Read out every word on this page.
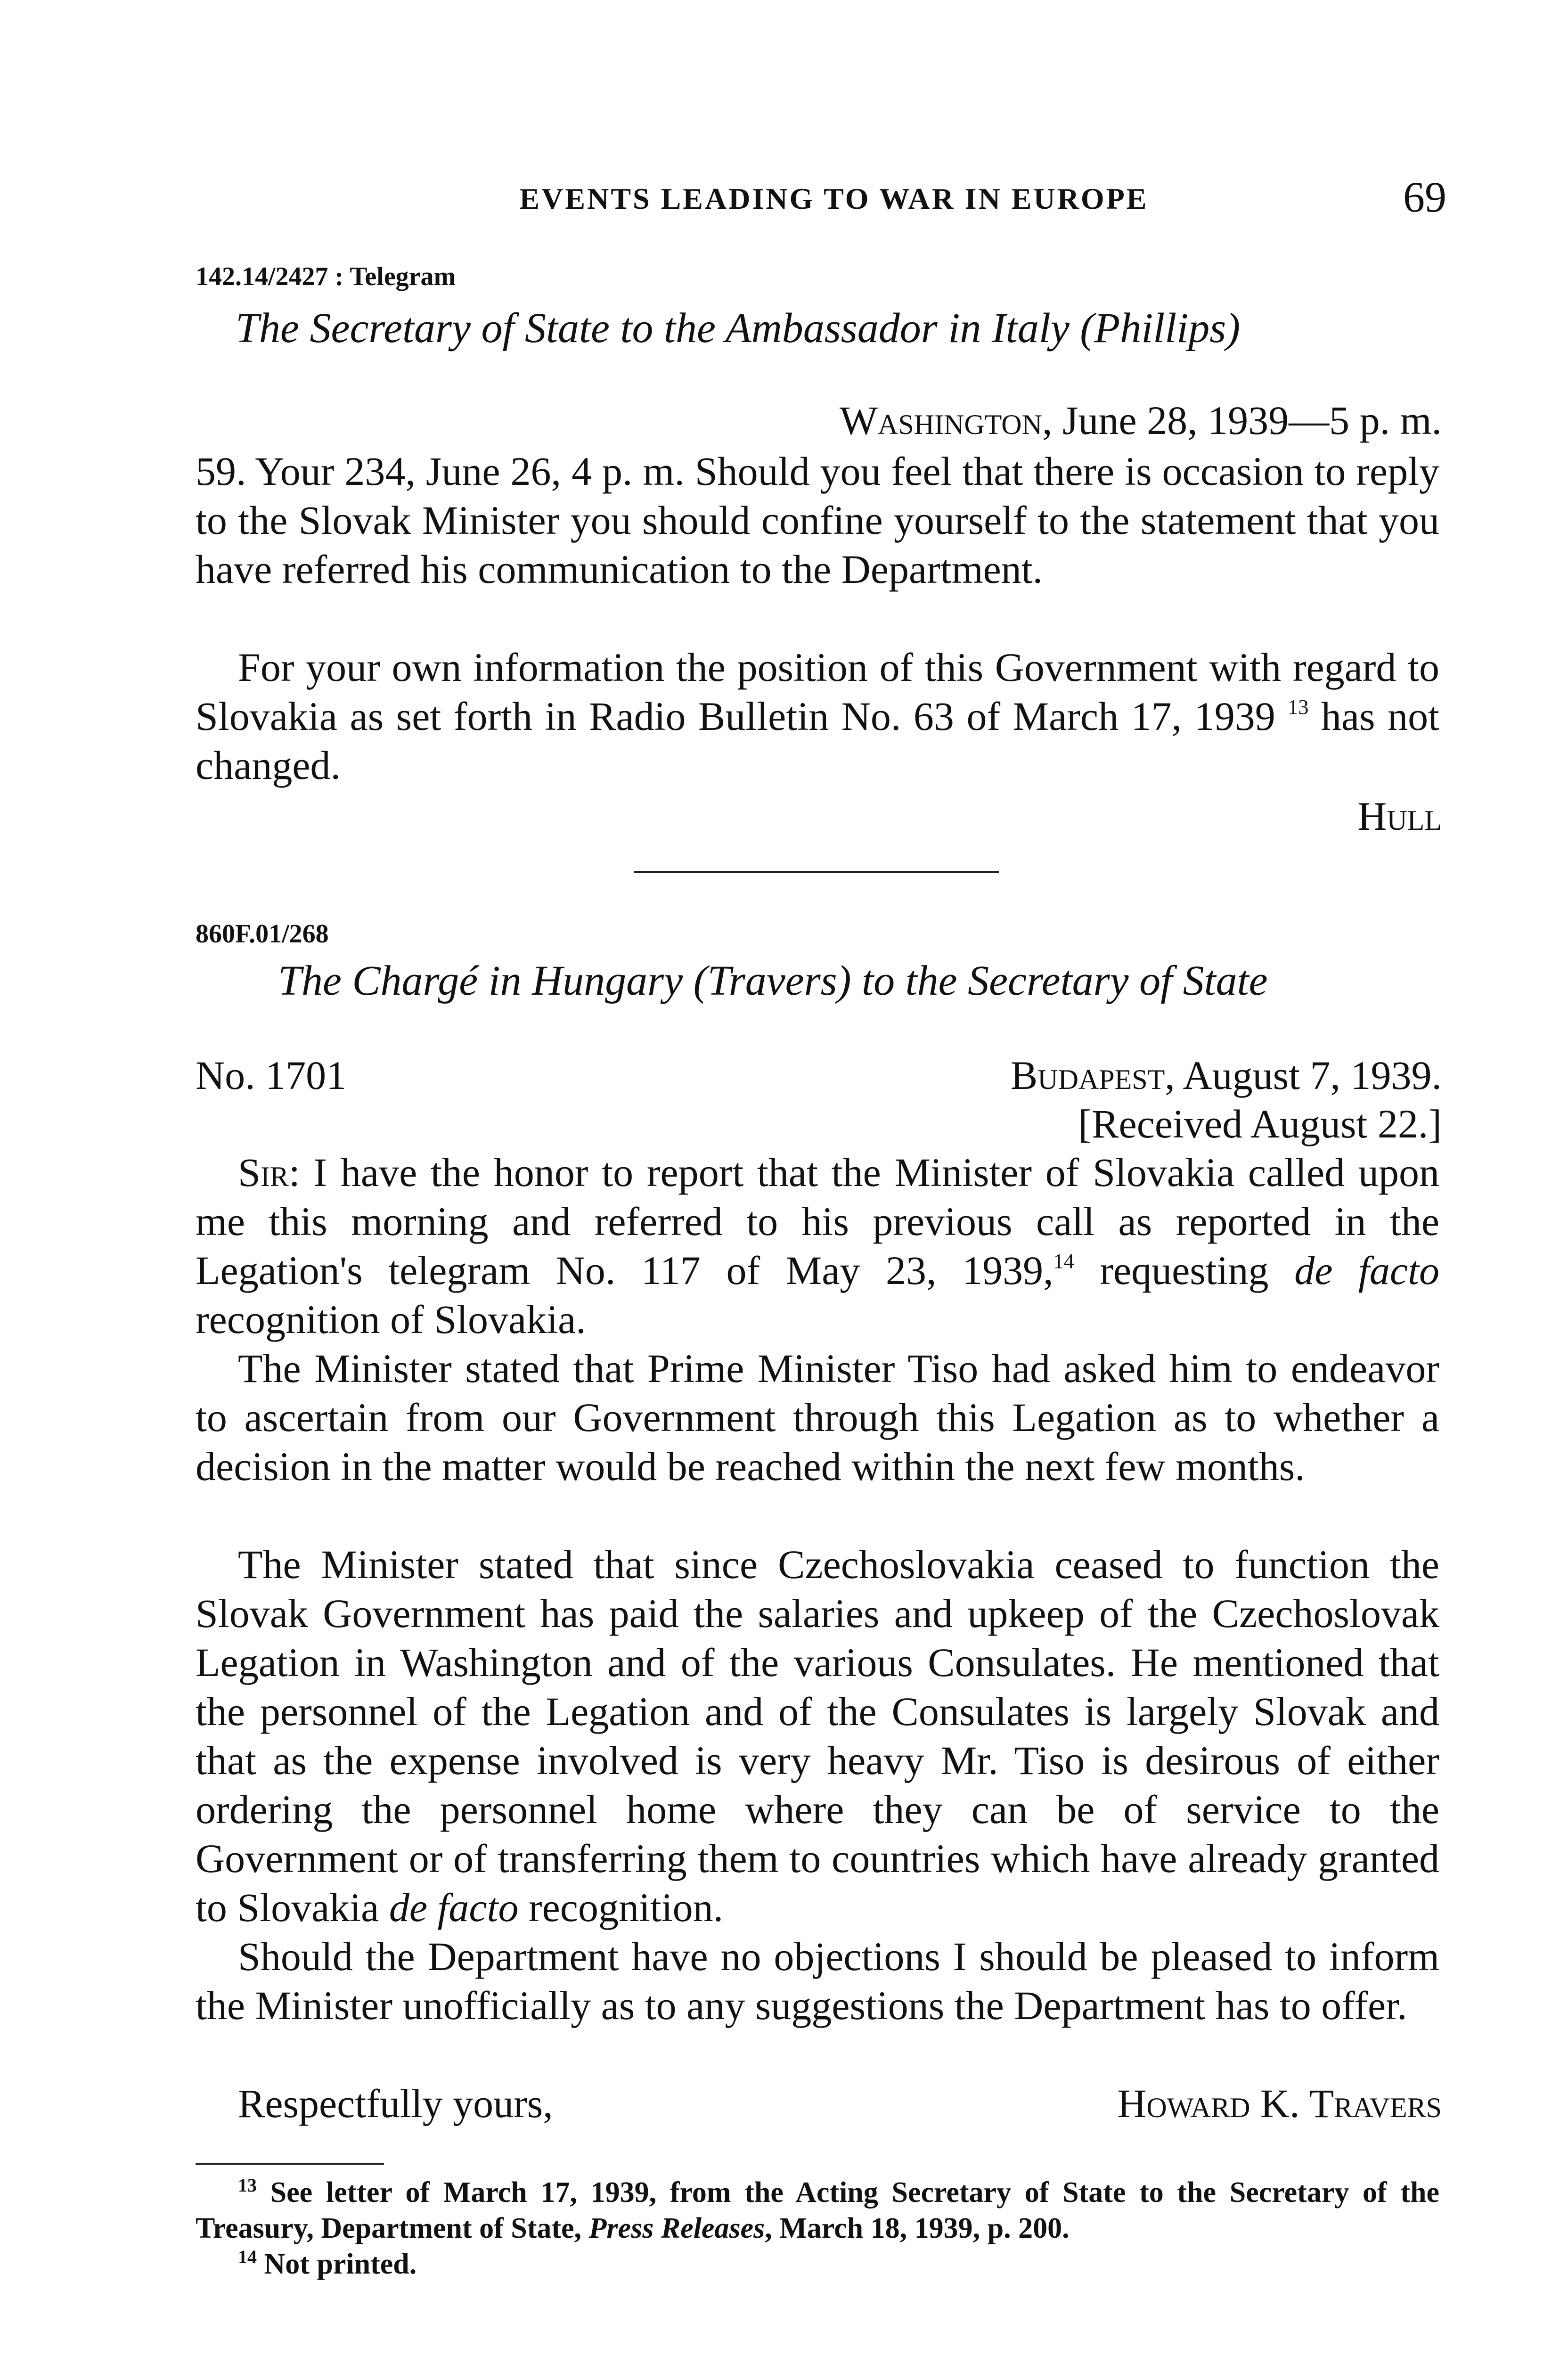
EVENTS LEADING TO WAR IN EUROPE	69
142.14/2427 : Telegram
The Secretary of State to the Ambassador in Italy (Phillips)
Washington, June 28, 1939—5 p. m.
59. Your 234, June 26, 4 p. m. Should you feel that there is occasion to reply to the Slovak Minister you should confine yourself to the statement that you have referred his communication to the Department.
For your own information the position of this Government with regard to Slovakia as set forth in Radio Bulletin No. 63 of March 17, 1939 $^{13}$ has not changed.
Hull
860F.01/268
The Chargé in Hungary (Travers) to the Secretary of State
No. 1701	Budapest, August 7, 1939.
[Received August 22.]
Sir: I have the honor to report that the Minister of Slovakia called upon me this morning and referred to his previous call as reported in the Legation's telegram No. 117 of May 23, 1939,14 requesting de facto recognition of Slovakia.
The Minister stated that Prime Minister Tiso had asked him to endeavor to ascertain from our Government through this Legation as to whether a decision in the matter would be reached within the next few months.
The Minister stated that since Czechoslovakia ceased to function the Slovak Government has paid the salaries and upkeep of the Czechoslovak Legation in Washington and of the various Consulates. He mentioned that the personnel of the Legation and of the Consulates is largely Slovak and that as the expense involved is very heavy Mr. Tiso is desirous of either ordering the personnel home where they can be of service to the Government or of transferring them to countries which have already granted to Slovakia de facto recognition.
Should the Department have no objections I should be pleased to inform the Minister unofficially as to any suggestions the Department has to offer.
Respectfully yours,	Howard K. Travers
$^{13}$ See letter of March 17, 1939, from the Acting Secretary of State to the Secretary of the Treasury, Department of State, Press Releases, March 18, 1939, p. 200.
$^{14}$ Not printed.
